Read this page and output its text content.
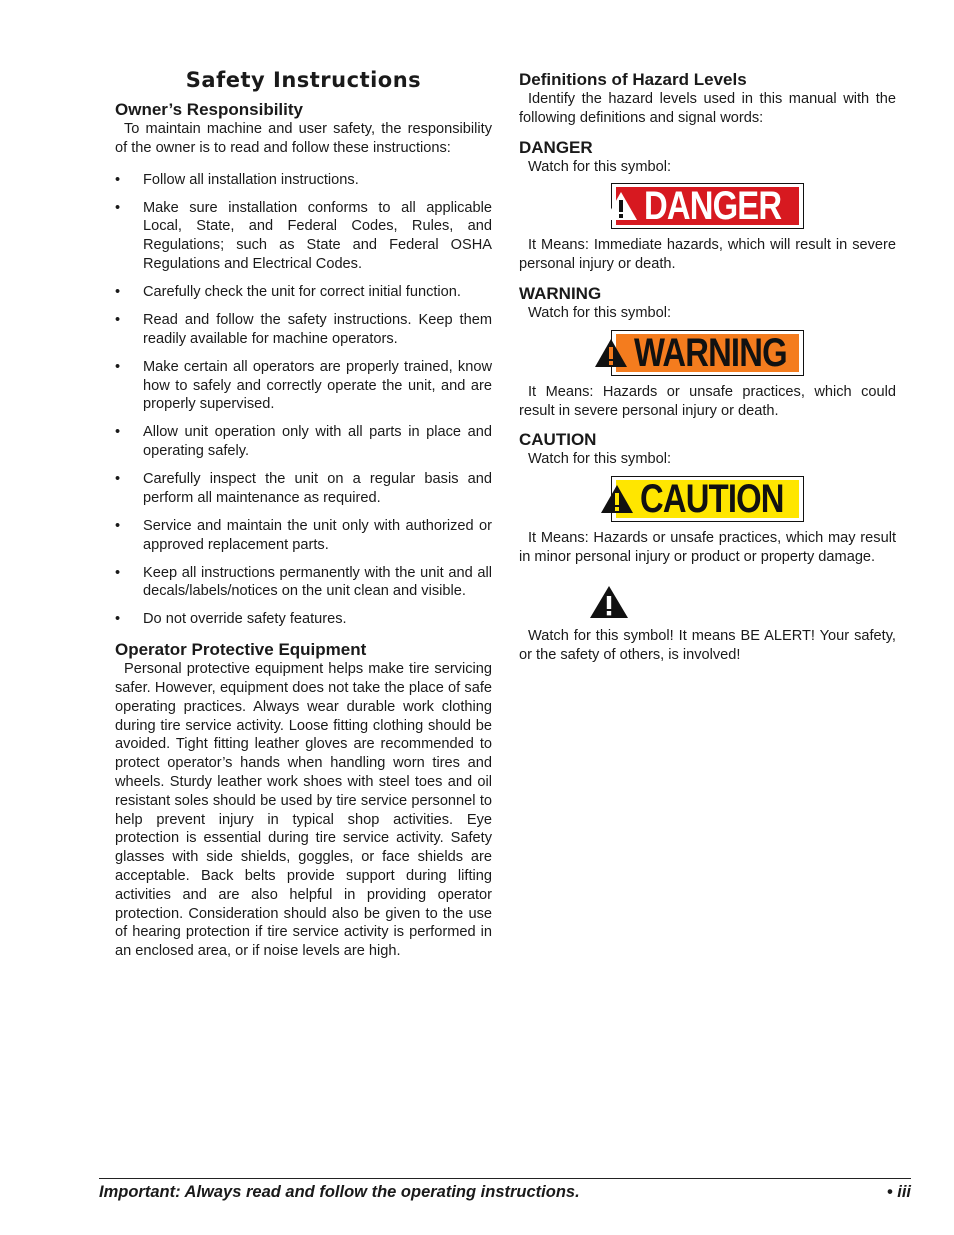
Safety Instructions
Owner’s Responsibility

To maintain machine and user safety, the responsibility of the owner is to read and follow these instructions:

•	Follow all installation instructions.
•	Make sure installation conforms to all applicable Local, State, and Federal Codes, Rules, and Regulations; such as State and Federal OSHA Regulations and Electrical Codes.
•	Carefully check the unit for correct initial function.
•	Read and follow the safety instructions. Keep them readily available for machine operators.
•	Make certain all operators are properly trained, know how to safely and correctly operate the unit, and are properly supervised.
•	Allow unit operation only with all parts in place and operating safely.
•	Carefully inspect the unit on a regular basis and perform all maintenance as required.
•	Service and maintain the unit only with authorized or approved replacement parts.
•	Keep all instructions permanently with the unit and all decals/labels/notices on the unit clean and visible.
•	Do not override safety features.
Operator Protective Equipment

Personal protective equipment helps make tire servicing safer. However, equipment does not take the place of safe operating practices. Always wear durable work clothing during tire service activity. Loose fitting clothing should be avoided. Tight fitting leather gloves are recommended to protect operator’s hands when handling worn tires and wheels. Sturdy leather work shoes with steel toes and oil resistant soles should be used by tire service personnel to help prevent injury in typical shop activities. Eye protection is essential during tire service activity. Safety glasses with side shields, goggles, or face shields are acceptable. Back belts provide support during lifting activities and are also helpful in providing operator protection. Consideration should also be given to the use of hearing protection if tire service activity is performed in an enclosed area, or if noise levels are high.

Definitions of Hazard Levels

Identify the hazard levels used in this manual with the following definitions and signal words:

DANGER

Watch for this symbol:

DANGER

It Means: Immediate hazards, which will result in severe personal injury or death.

WARNING

Watch for this symbol:

WARNING

It Means: Hazards or unsafe practices, which could result in severe personal injury or death.

CAUTION

Watch for this symbol:

CAUTION

It Means: Hazards or unsafe practices, which may result in minor personal injury or product or property damage.

Watch for this symbol! It means BE ALERT! Your safety, or the safety of others, is involved!

Important: Always read and follow the operating instructions.	• iii
